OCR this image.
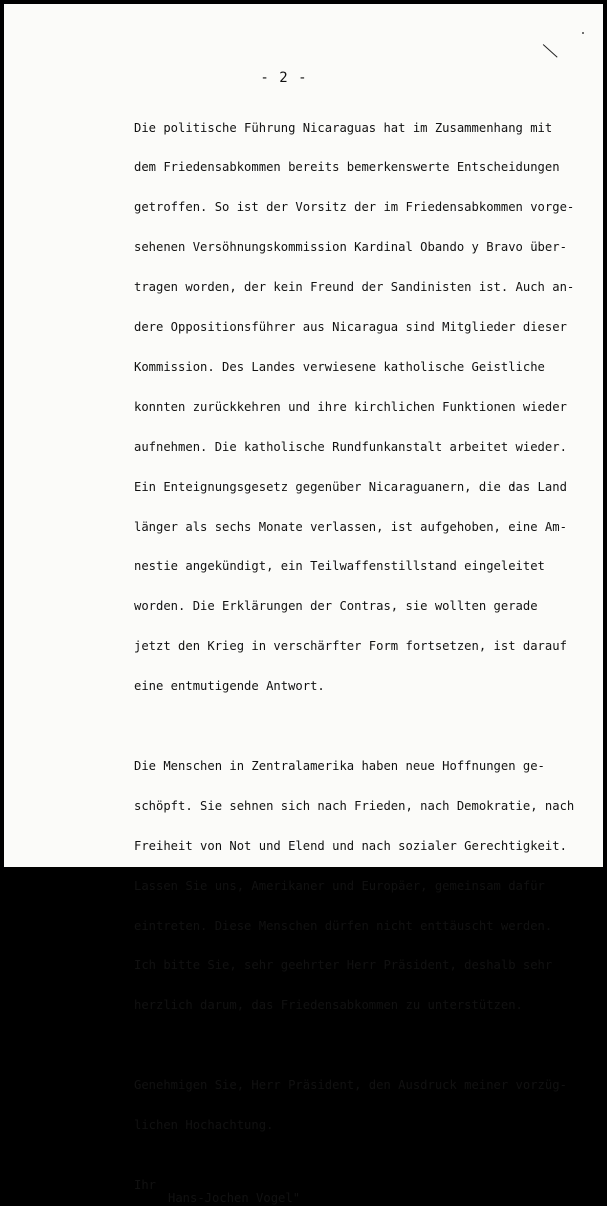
- 2 -

Die politische Führung Nicaraguas hat im Zusammenhang mit

dem Friedensabkommen bereits bemerkenswerte Entscheidungen

getroffen. So ist der Vorsitz der im Friedensabkommen vorge-

sehenen Versöhnungskommission Kardinal Obando y Bravo über-

tragen worden, der kein Freund der Sandinisten ist. Auch an-

dere Oppositionsführer aus Nicaragua sind Mitglieder dieser

Kommission. Des Landes verwiesene katholische Geistliche

konnten zurückkehren und ihre kirchlichen Funktionen wieder

aufnehmen. Die katholische Rundfunkanstalt arbeitet wieder.

Ein Enteignungsgesetz gegenüber Nicaraguanern, die das Land

länger als sechs Monate verlassen, ist aufgehoben, eine Am-

nestie angekündigt, ein Teilwaffenstillstand eingeleitet

worden. Die Erklärungen der Contras, sie wollten gerade

jetzt den Krieg in verschärfter Form fortsetzen, ist darauf

eine entmutigende Antwort.

Die Menschen in Zentralamerika haben neue Hoffnungen ge-

schöpft. Sie sehnen sich nach Frieden, nach Demokratie, nach

Freiheit von Not und Elend und nach sozialer Gerechtigkeit.

Lassen Sie uns, Amerikaner und Europäer, gemeinsam dafür

eintreten. Diese Menschen dürfen nicht enttäuscht werden.

Ich bitte Sie, sehr geehrter Herr Präsident, deshalb sehr

herzlich darum, das Friedensabkommen zu unterstützen.

Genehmigen Sie, Herr Präsident, den Ausdruck meiner vorzüg-

lichen Hochachtung.

Ihr
Hans-Jochen Vogel"
